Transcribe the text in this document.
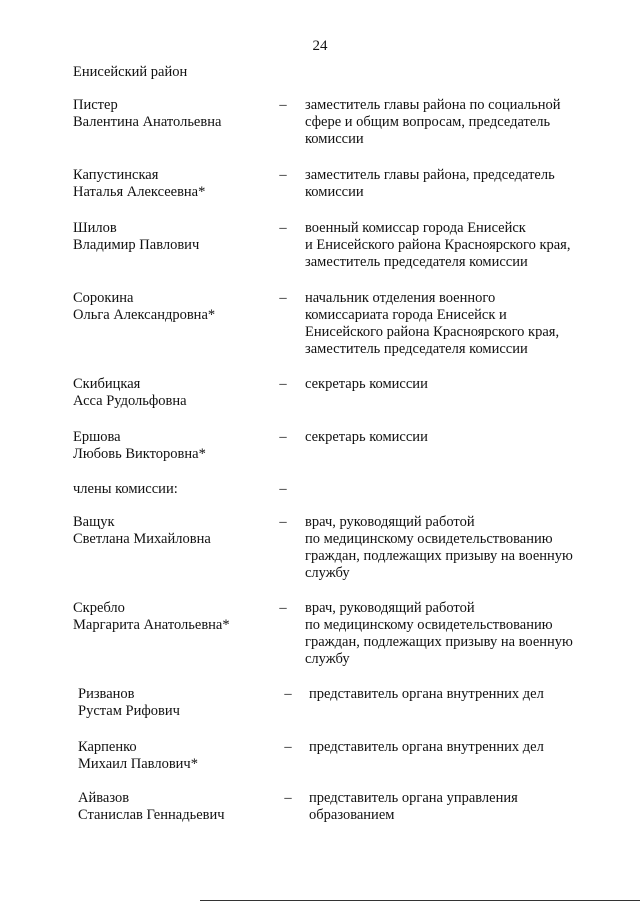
24
Енисейский район
Пистер
Валентина Анатольевна
– заместитель главы района по социальной
сфере и общим вопросам, председатель
комиссии
Капустинская
Наталья Алексеевна*
– заместитель главы района, председатель
комиссии
Шилов
Владимир Павлович
– военный комиссар города Енисейск
и Енисейского района Красноярского края,
заместитель председателя комиссии
Сорокина
Ольга Александровна*
– начальник отделения военного
комиссариата города Енисейск и
Енисейского района Красноярского края,
заместитель председателя комиссии
Скибицкая
Асса Рудольфовна
– секретарь комиссии
Ершова
Любовь Викторовна*
– секретарь комиссии
члены комиссии:	–
Ващук
Светлана Михайловна
– врач, руководящий работой
по медицинскому освидетельствованию
граждан, подлежащих призыву на военную
службу
Скребло
Маргарита Анатольевна*
– врач, руководящий работой
по медицинскому освидетельствованию
граждан, подлежащих призыву на военную
службу
Ризванов
Рустам Рифович
– представитель органа внутренних дел
Карпенко
Михаил Павлович*
– представитель органа внутренних дел
Айвазов
Станислав Геннадьевич
– представитель органа управления
образованием
